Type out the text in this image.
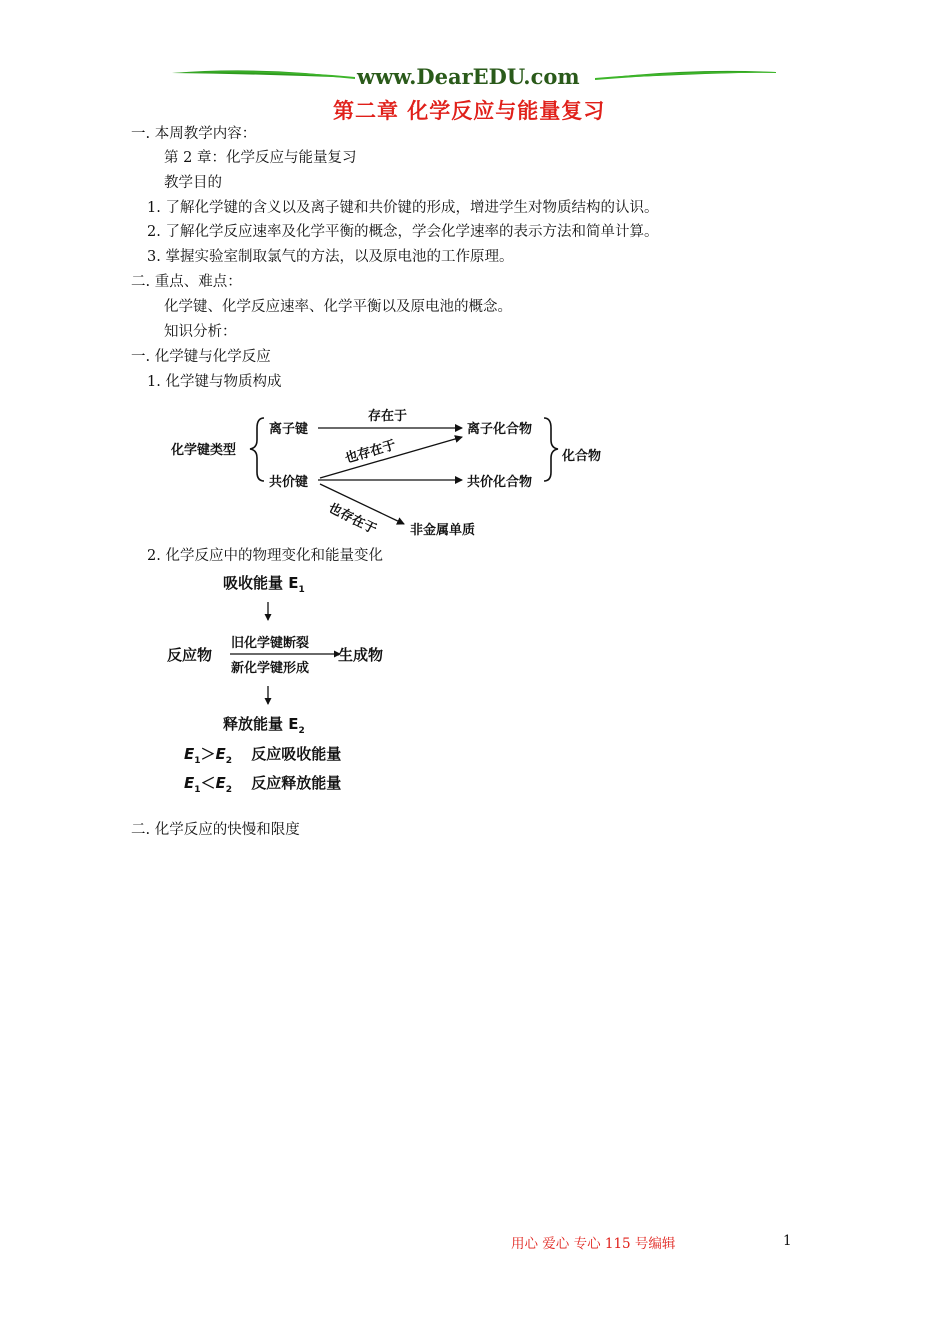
www.DearEDU.com
第二章 化学反应与能量复习
一. 本周教学内容：
第 2 章：化学反应与能量复习
教学目的
1. 了解化学键的含义以及离子键和共价键的形成，增进学生对物质结构的认识。
2. 了解化学反应速率及化学平衡的概念，学会化学速率的表示方法和简单计算。
3. 掌握实验室制取氯气的方法，以及原电池的工作原理。
二. 重点、难点：
化学键、化学反应速率、化学平衡以及原电池的概念。
知识分析：
一. 化学键与化学反应
1. 化学键与物质构成
化学键类型
离子键
共价键
存在于
也存在于
也存在于
离子化合物
共价化合物
化合物
非金属单质
2. 化学反应中的物理变化和能量变化
吸收能量 $E_1$
反应物
旧化学键断裂
新化学键形成
生成物
释放能量 $E_2$
$E_1>E_2$ 反应吸收能量
$E_1<E_2$ 反应释放能量
二. 化学反应的快慢和限度
用心 爱心 专心 115 号编辑	1
